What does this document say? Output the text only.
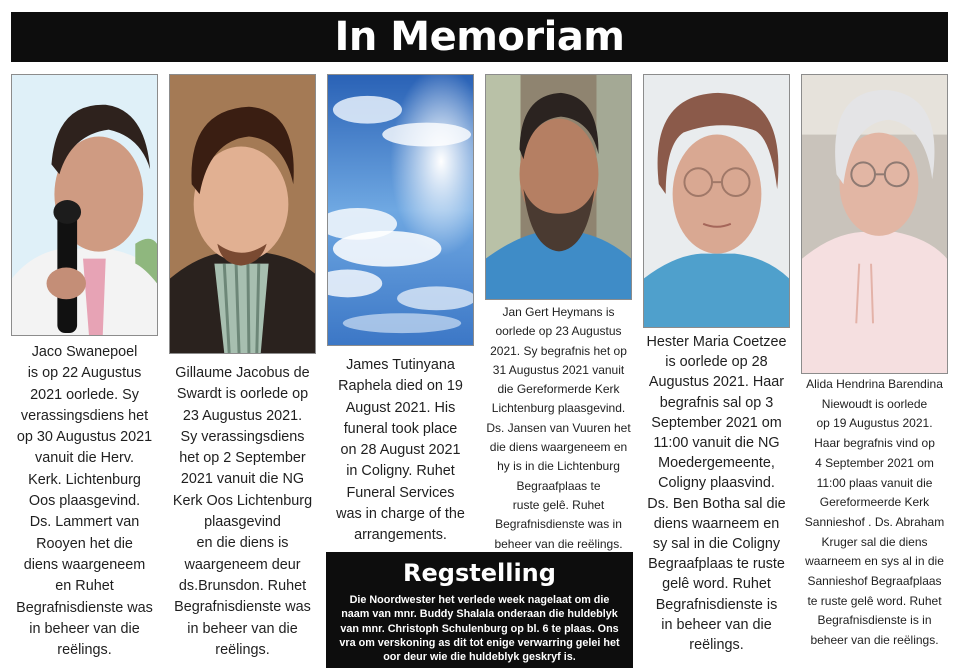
In Memoriam
Jaco Swanepoel
is op 22 Augustus
2021 oorlede. Sy
verassingsdiens het
op 30 Augustus 2021
vanuit die Herv.
Kerk. Lichtenburg
Oos plaasgevind.
Ds. Lammert van
Rooyen het die
diens waargeneem
en Ruhet
Begrafnisdienste was
in beheer van die
reëlings.
Gillaume Jacobus de
Swardt is oorlede op
23 Augustus 2021.
Sy verassingsdiens
het op 2 September
2021 vanuit die NG
Kerk Oos Lichtenburg
plaasgevind
en die diens is
waargeneem deur
ds.Brunsdon. Ruhet
Begrafnisdienste was
in beheer van die
reëlings.
James Tutinyana
Raphela died on 19
August 2021. His
funeral took place
on 28 August 2021
in Coligny. Ruhet
Funeral Services
was in charge of the
arrangements.
Jan Gert Heymans is
oorlede op 23 Augustus
2021. Sy begrafnis het op
31 Augustus 2021 vanuit
die Gereformerde Kerk
Lichtenburg plaasgevind.
Ds. Jansen van Vuuren het
die diens waargeneem en
hy is in die Lichtenburg
Begraafplaas te
ruste gelê. Ruhet
Begrafnisdienste was in
beheer van die reëlings.
Hester Maria Coetzee
is oorlede op 28
Augustus 2021. Haar
begrafnis sal op 3
September 2021 om
11:00 vanuit die NG
Moedergemeente,
Coligny plaasvind.
Ds. Ben Botha sal die
diens waarneem en
sy sal in die Coligny
Begraafplaas te ruste
gelê word. Ruhet
Begrafnisdienste is
in beheer van die
reëlings.
Alida Hendrina Barendina
Niewoudt is oorlede
op 19 Augustus 2021.
Haar begrafnis vind op
4 September 2021 om
11:00 plaas vanuit die
Gereformeerde Kerk
Sannieshof . Ds. Abraham
Kruger sal die diens
waarneem en sys al in die
Sannieshof Begraafplaas
te ruste gelê word. Ruhet
Begrafnisdienste is in
beheer van die reëlings.
Regstelling
Die Noordwester het verlede week nagelaat om die
naam van mnr. Buddy Shalala onderaan die huldeblyk
van mnr. Christoph Schulenburg op bl. 6 te plaas. Ons
vra om verskoning as dit tot enige verwarring gelei het
oor deur wie die huldeblyk geskryf is.
